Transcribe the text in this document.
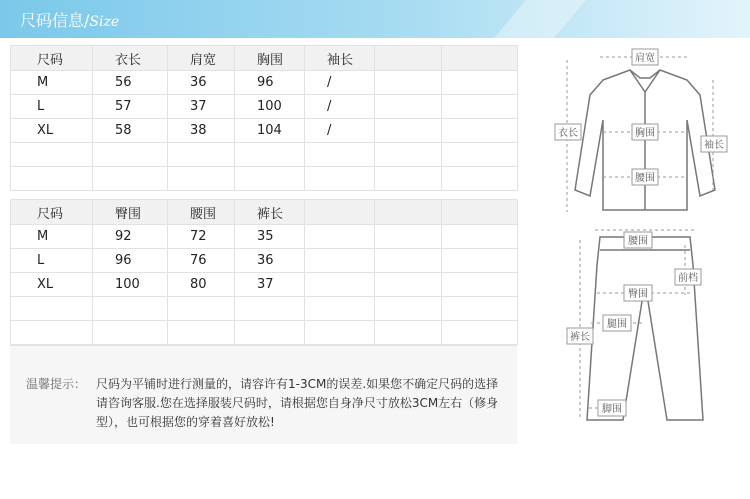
尺码信息/Size
尺码	衣长	肩宽	胸围	袖长		
M	56	36	96	/		
L	57	37	100	/		
XL	58	38	104	/		

尺码	臀围	腰围	裤长			
M	92	72	35			
L	96	76	36			
XL	100	80	37			

温馨提示： 尺码为平铺时进行测量的，请容许有1-3CM的误差.如果您不确定尺码的选择请咨询客服.您在选择服装尺码时，请根据您自身净尺寸放松3CM左右（修身型），也可根据您的穿着喜好放松!
肩宽
衣长	胸围
袖长
腰围
腰围
前档
臀围
腿围
裤长
脚围
